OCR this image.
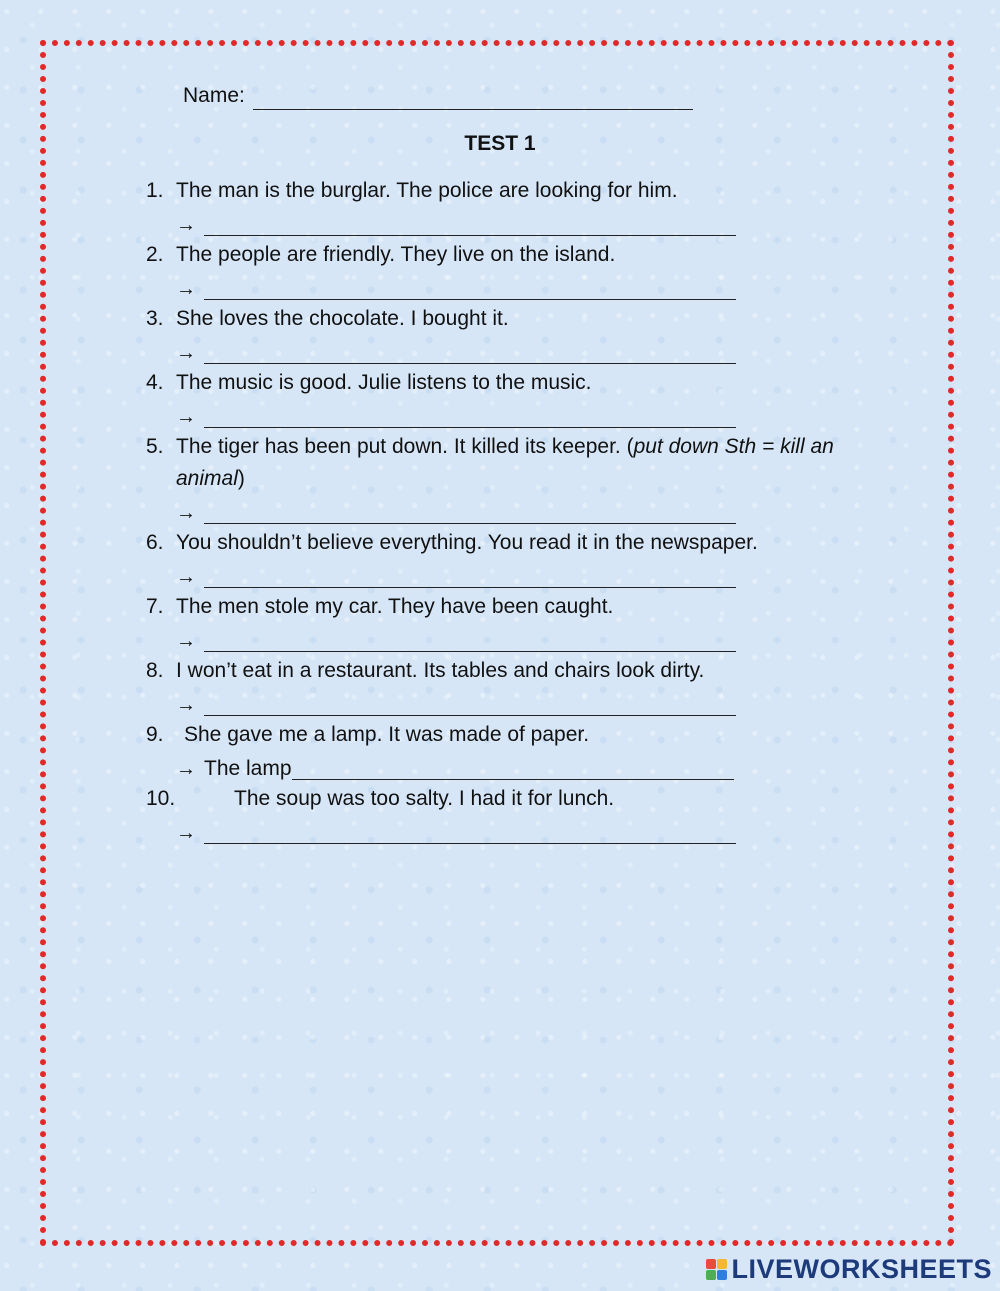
Name:
TEST 1
1. The man is the burglar. The police are looking for him.
→
2. The people are friendly. They live on the island.
→
3. She loves the chocolate. I bought it.
→
4. The music is good. Julie listens to the music.
→
5. The tiger has been put down. It killed its keeper. (put down Sth = kill an animal)
→
6. You shouldn’t believe everything. You read it in the newspaper.
→
7. The men stole my car. They have been caught.
→
8. I won’t eat in a restaurant. Its tables and chairs look dirty.
→
9. She gave me a lamp. It was made of paper.
→ The lamp
10.	The soup was too salty. I had it for lunch.
→
LIVEWORKSHEETS
